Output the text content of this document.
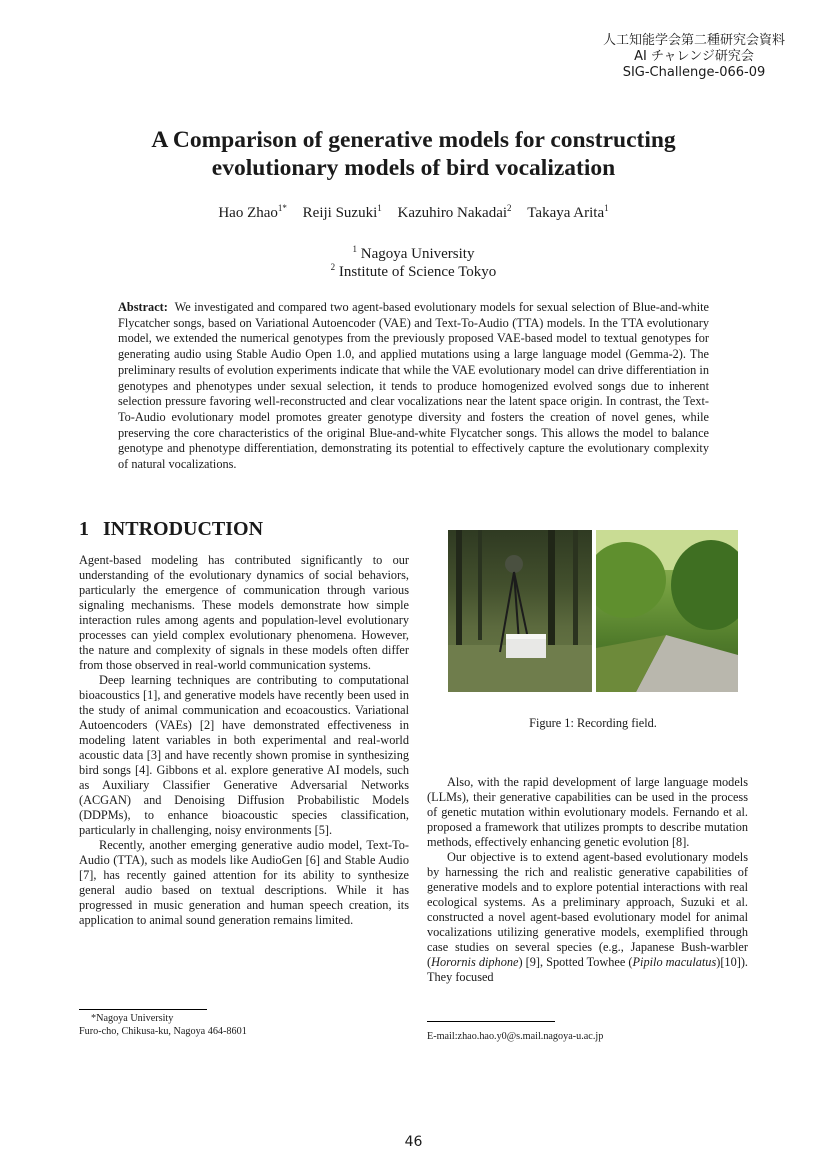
人工知能学会第二種研究会資料
AI チャレンジ研究会
SIG-Challenge-066-09
A Comparison of generative models for constructing
evolutionary models of bird vocalization
Hao Zhao$^{1*}$ Reiji Suzuki$^1$ Kazuhiro Nakadai$^2$ Takaya Arita$^1$
$^1$ Nagoya University
$^2$ Institute of Science Tokyo
Abstract: We investigated and compared two agent-based evolutionary models for sexual selection of Blue-and-white Flycatcher songs, based on Variational Autoencoder (VAE) and Text-To-Audio (TTA) models. In the TTA evolutionary model, we extended the numerical genotypes from the previously proposed VAE-based model to textual genotypes for generating audio using Stable Audio Open 1.0, and applied mutations using a large language model (Gemma-2). The preliminary results of evolution experiments indicate that while the VAE evolutionary model can drive differentiation in genotypes and phenotypes under sexual selection, it tends to produce homogenized evolved songs due to inherent selection pressure favoring well-reconstructed and clear vocalizations near the latent space origin. In contrast, the Text-To-Audio evolutionary model promotes greater genotype diversity and fosters the creation of novel genes, while preserving the core characteristics of the original Blue-and-white Flycatcher songs. This allows the model to balance genotype and phenotype differentiation, demonstrating its potential to effectively capture the evolutionary complexity of natural vocalizations.
1 INTRODUCTION

Agent-based modeling has contributed significantly to our understanding of the evolutionary dynamics of social behaviors, particularly the emergence of communication through various signaling mechanisms. These models demonstrate how simple interaction rules among agents and population-level evolutionary processes can yield complex evolutionary phenomena. However, the nature and complexity of signals in these models often differ from those observed in real-world communication systems.

Deep learning techniques are contributing to computational bioacoustics [1], and generative models have recently been used in the study of animal communication and ecoacoustics. Variational Autoencoders (VAEs) [2] have demonstrated effectiveness in modeling latent variables in both experimental and real-world acoustic data [3] and have recently shown promise in synthesizing bird songs [4]. Gibbons et al. explore generative AI models, such as Auxiliary Classifier Generative Adversarial Networks (ACGAN) and Denoising Diffusion Probabilistic Models (DDPMs), to enhance bioacoustic species classification, particularly in challenging, noisy environments [5].

Recently, another emerging generative audio model, Text-To-Audio (TTA), such as models like AudioGen [6] and Stable Audio [7], has recently gained attention for its ability to synthesize general audio based on textual descriptions. While it has progressed in music generation and human speech creation, its application to animal sound generation remains limited.

Figure 1: Recording field.

Also, with the rapid development of large language models (LLMs), their generative capabilities can be used in the process of genetic mutation within evolutionary models. Fernando et al. proposed a framework that utilizes prompts to describe mutation methods, effectively enhancing genetic evolution [8].

Our objective is to extend agent-based evolutionary models by harnessing the rich and realistic generative capabilities of generative models and to explore potential interactions with real ecological systems. As a preliminary approach, Suzuki et al. constructed a novel agent-based evolutionary model for animal vocalizations utilizing generative models, exemplified through case studies on several species (e.g., Japanese Bush-warbler (Horornis diphone) [9], Spotted Towhee (Pipilo maculatus)[10]). They focused

*Nagoya University
Furo-cho, Chikusa-ku, Nagoya 464-8601	E-mail:zhao.hao.y0@s.mail.nagoya-u.ac.jp
46
